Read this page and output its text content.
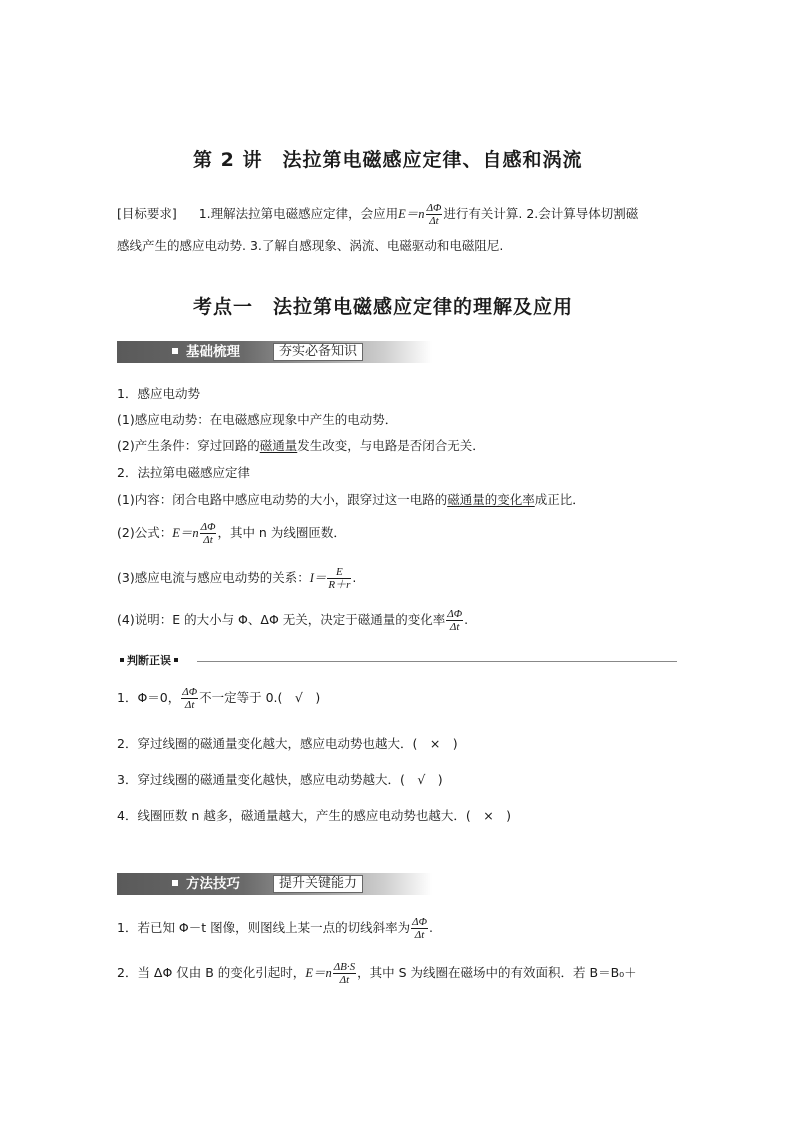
第 2 讲　法拉第电磁感应定律、自感和涡流
[目标要求] 1.理解法拉第电磁感应定律，会应用$E=n \frac{\Delta\Phi}{\Delta t}$ 进行有关计算. 2.会计算导体切割磁
感线产生的感应电动势. 3.了解自感现象、涡流、电磁驱动和电磁阻尼.
考点一　法拉第电磁感应定律的理解及应用
基础梳理	夯实必备知识
1．感应电动势
(1)感应电动势：在电磁感应现象中产生的电动势．
(2)产生条件：穿过回路的磁通量发生改变，与电路是否闭合无关．
2．法拉第电磁感应定律
(1)内容：闭合电路中感应电动势的大小，跟穿过这一电路的磁通量的变化率成正比．
(2)公式：$E=n \frac{\Delta\Phi}{\Delta t}$ ，其中 n 为线圈匝数．
(3)感应电流与感应电动势的关系：$I= \frac{E}{R+r}$ .
(4)说明：E 的大小与 Φ、ΔΦ 无关，决定于磁通量的变化率 $\frac{\Delta\Phi}{\Delta t}$ .
判断正误
1．Φ＝0， $\frac{\Delta\Phi}{\Delta t}$ 不一定等于 0.(　√　)
2．穿过线圈的磁通量变化越大，感应电动势也越大．(　×　)
3．穿过线圈的磁通量变化越快，感应电动势越大．(　√　)
4．线圈匝数 n 越多，磁通量越大，产生的感应电动势也越大．(　×　)
方法技巧	提升关键能力
1．若已知 Φ－t 图像，则图线上某一点的切线斜率为 $\frac{\Delta\Phi}{\Delta t}$ .
2．当 ΔΦ 仅由 B 的变化引起时，$E=n \frac{\Delta B\cdot S}{\Delta t}$ ，其中 S 为线圈在磁场中的有效面积．若 B＝B₀＋
